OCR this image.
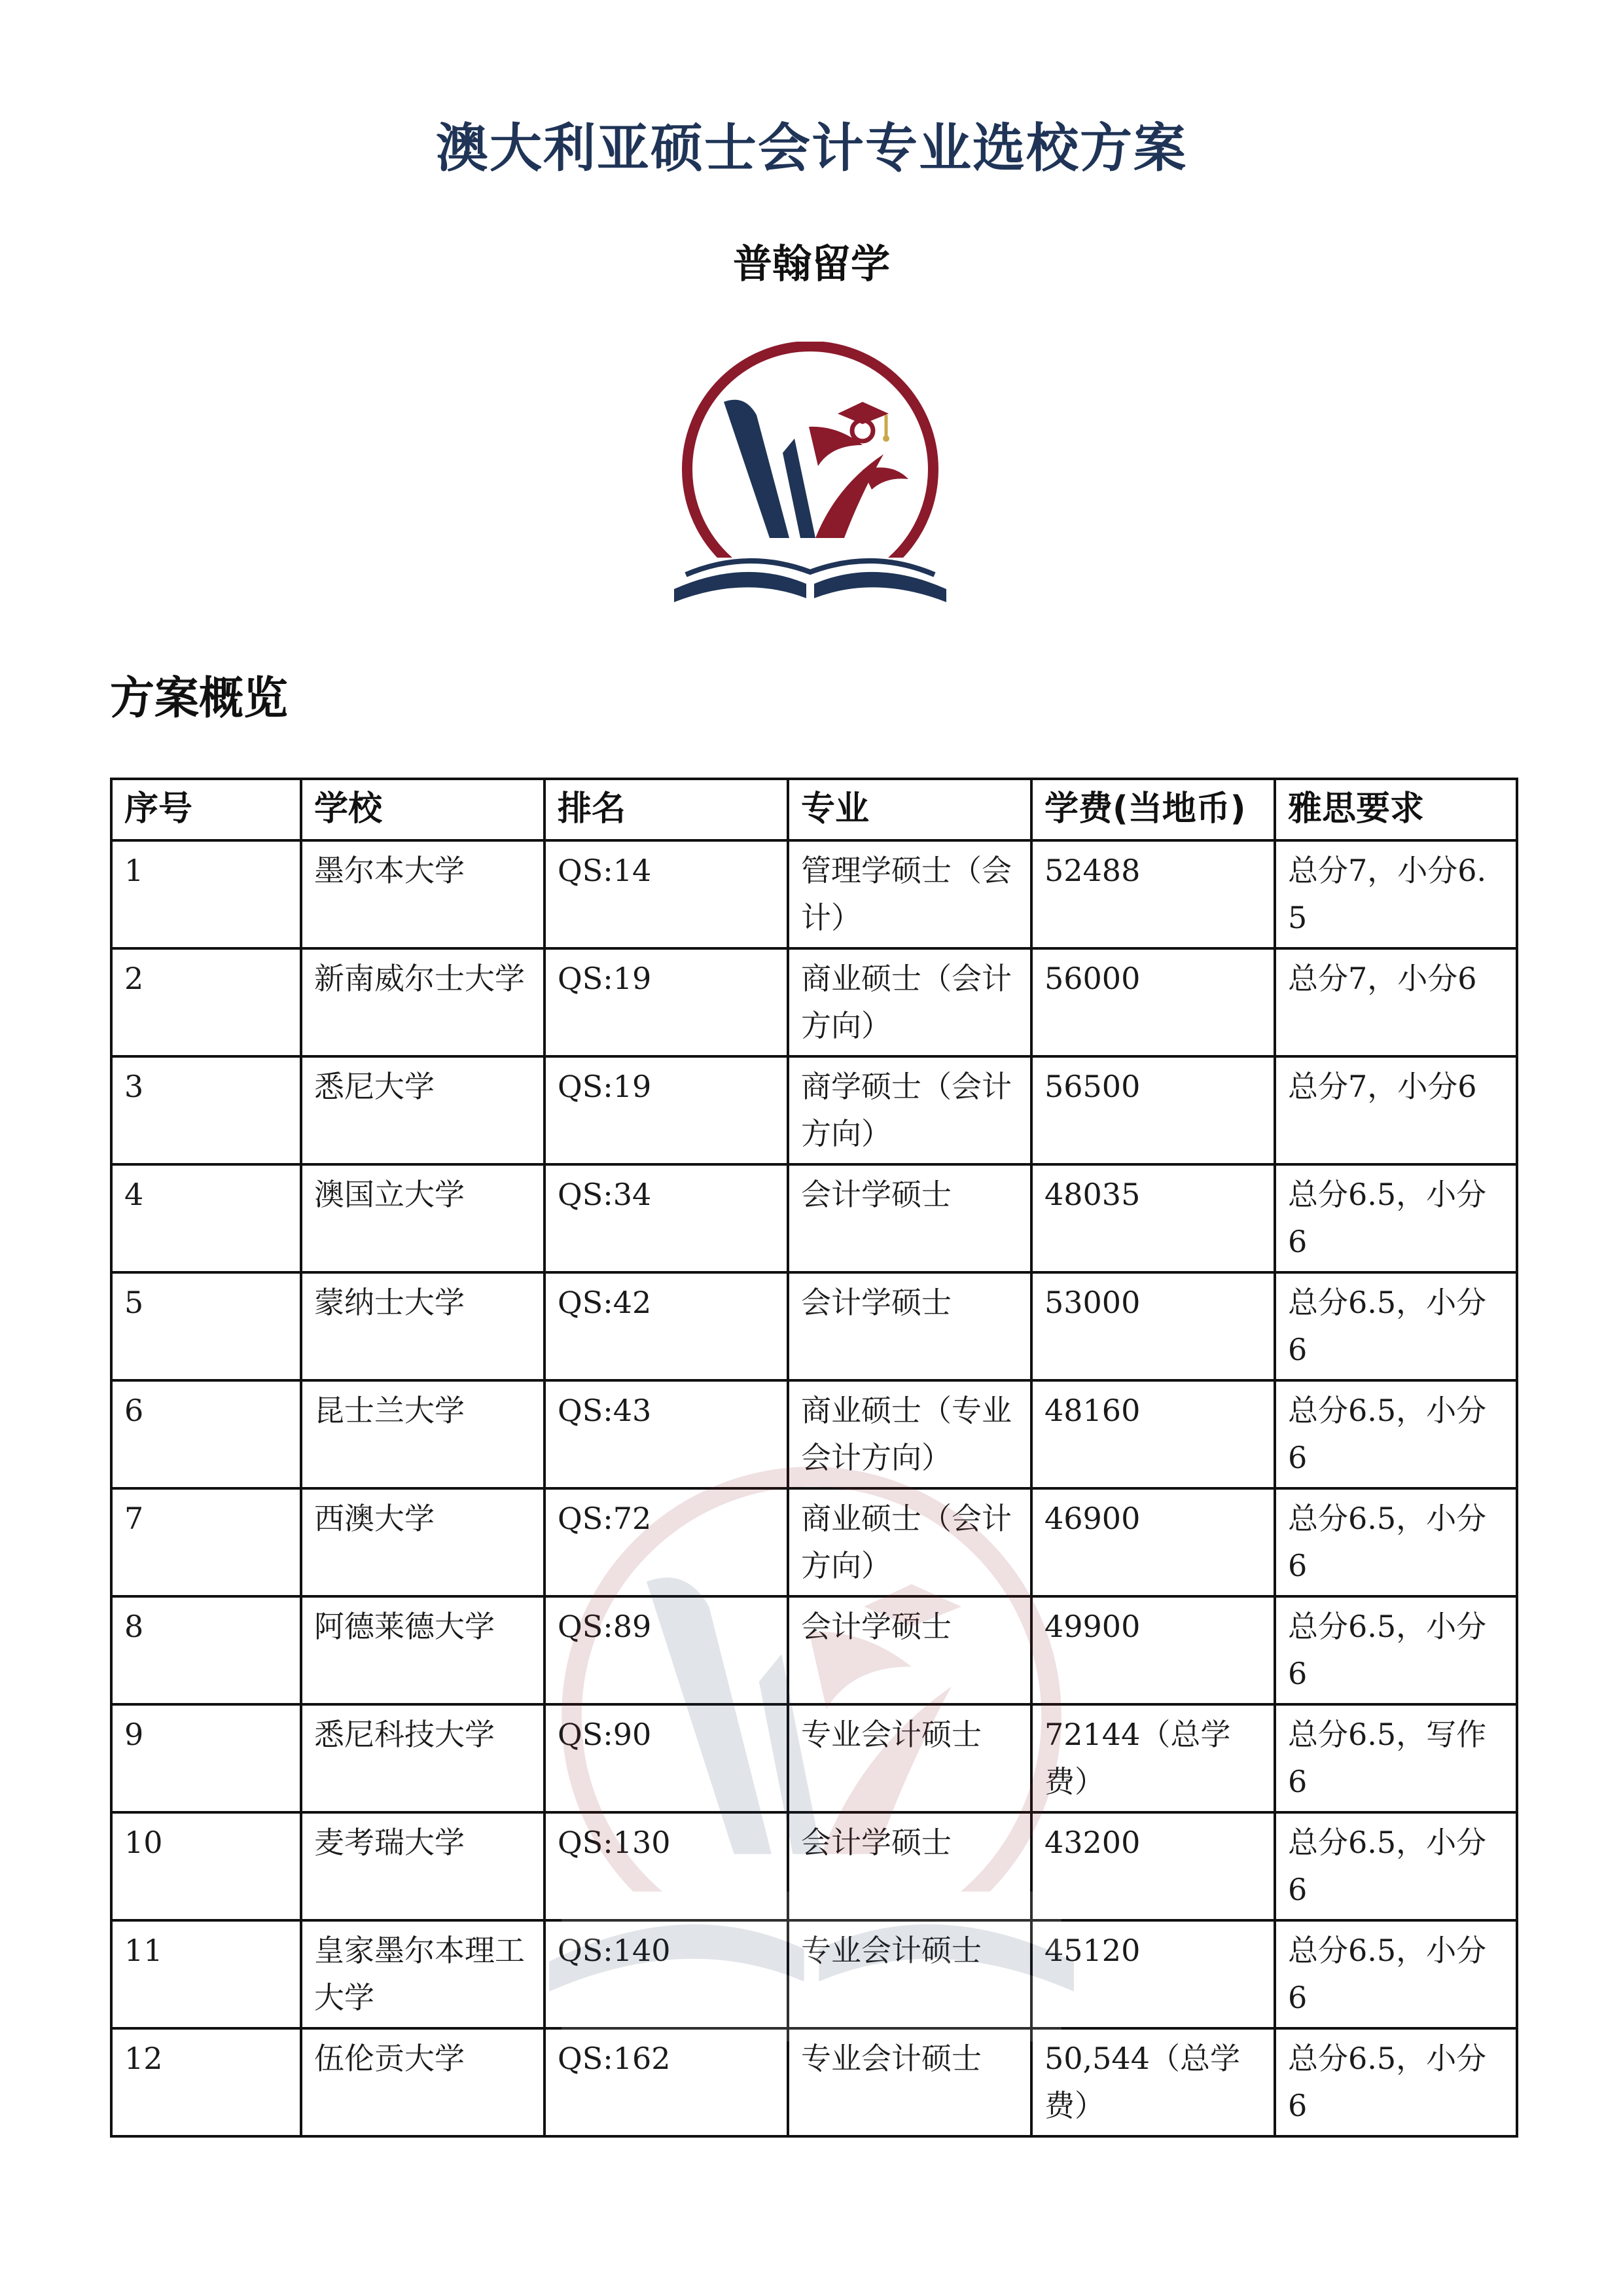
澳大利亚硕士会计专业选校方案
普翰留学
方案概览
序号	学校	排名	专业	学费(当地币)	雅思要求
1	墨尔本大学	QS:14	管理学硕士（会计）	52488	总分7，小分6.5
2	新南威尔士大学	QS:19	商业硕士（会计方向）	56000	总分7，小分6
3	悉尼大学	QS:19	商学硕士（会计方向）	56500	总分7，小分6
4	澳国立大学	QS:34	会计学硕士	48035	总分6.5，小分6
5	蒙纳士大学	QS:42	会计学硕士	53000	总分6.5，小分6
6	昆士兰大学	QS:43	商业硕士（专业会计方向）	48160	总分6.5，小分6
7	西澳大学	QS:72	商业硕士（会计方向）	46900	总分6.5，小分6
8	阿德莱德大学	QS:89	会计学硕士	49900	总分6.5，小分6
9	悉尼科技大学	QS:90	专业会计硕士	72144（总学费）	总分6.5，写作6
10	麦考瑞大学	QS:130	会计学硕士	43200	总分6.5，小分6
11	皇家墨尔本理工大学	QS:140	专业会计硕士	45120	总分6.5，小分6
12	伍伦贡大学	QS:162	专业会计硕士	50,544（总学费）	总分6.5，小分6
